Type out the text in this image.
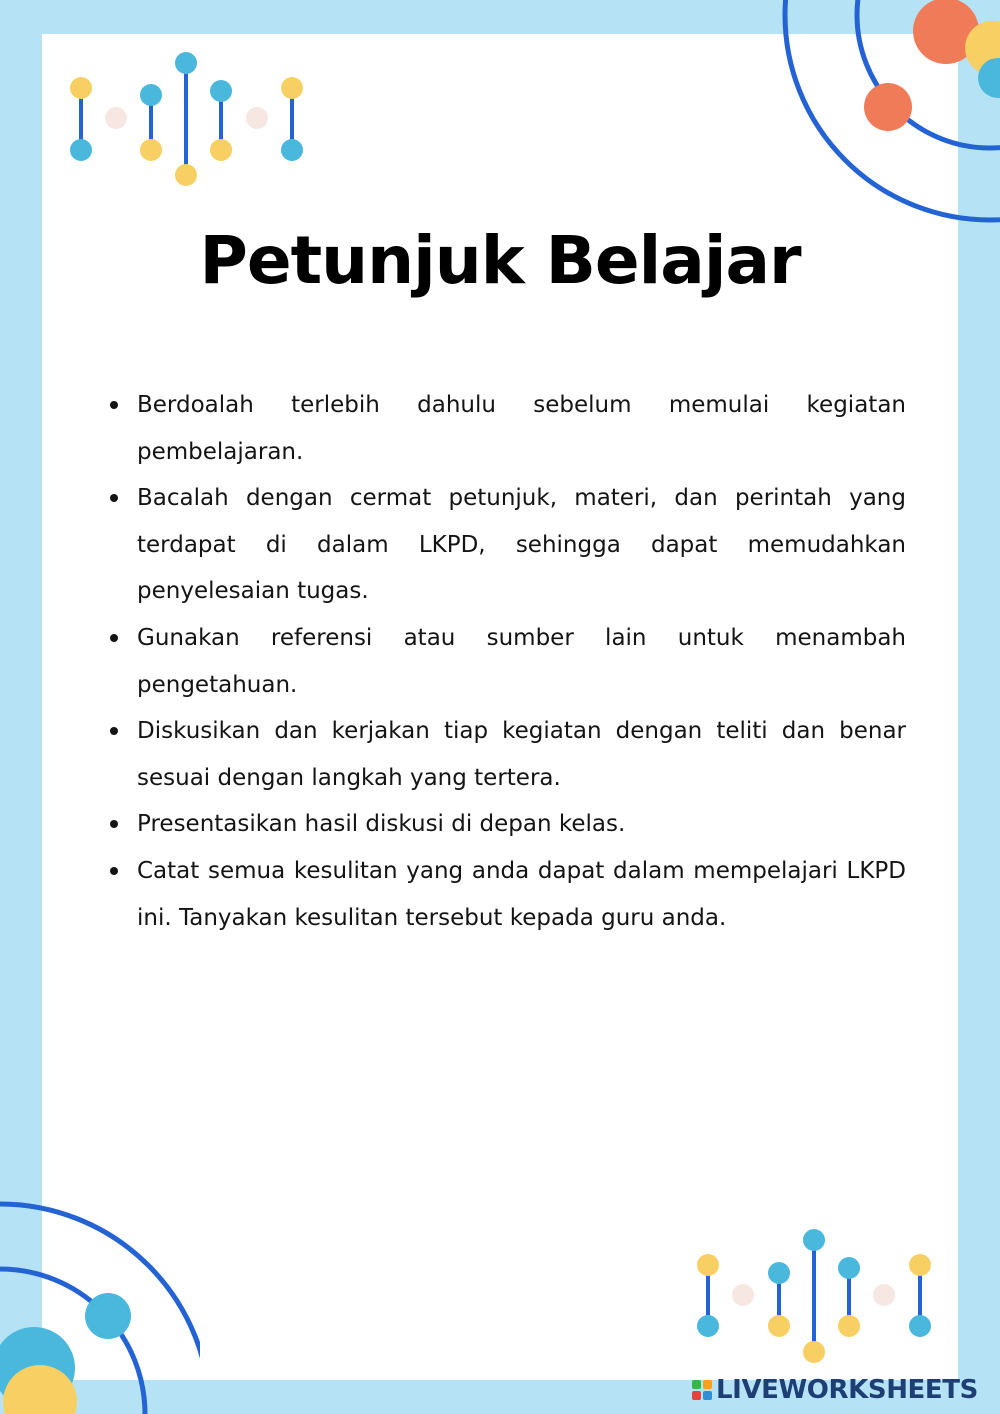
Petunjuk Belajar
Berdoalah terlebih dahulu sebelum memulai kegiatan pembelajaran.
Bacalah dengan cermat petunjuk, materi, dan perintah yang terdapat di dalam LKPD, sehingga dapat memudahkan penyelesaian tugas.
Gunakan referensi atau sumber lain untuk menambah pengetahuan.
Diskusikan dan kerjakan tiap kegiatan dengan teliti dan benar sesuai dengan langkah yang tertera.
Presentasikan hasil diskusi di depan kelas.
Catat semua kesulitan yang anda dapat dalam mempelajari LKPD ini. Tanyakan kesulitan tersebut kepada guru anda.
LIVEWORKSHEETS
